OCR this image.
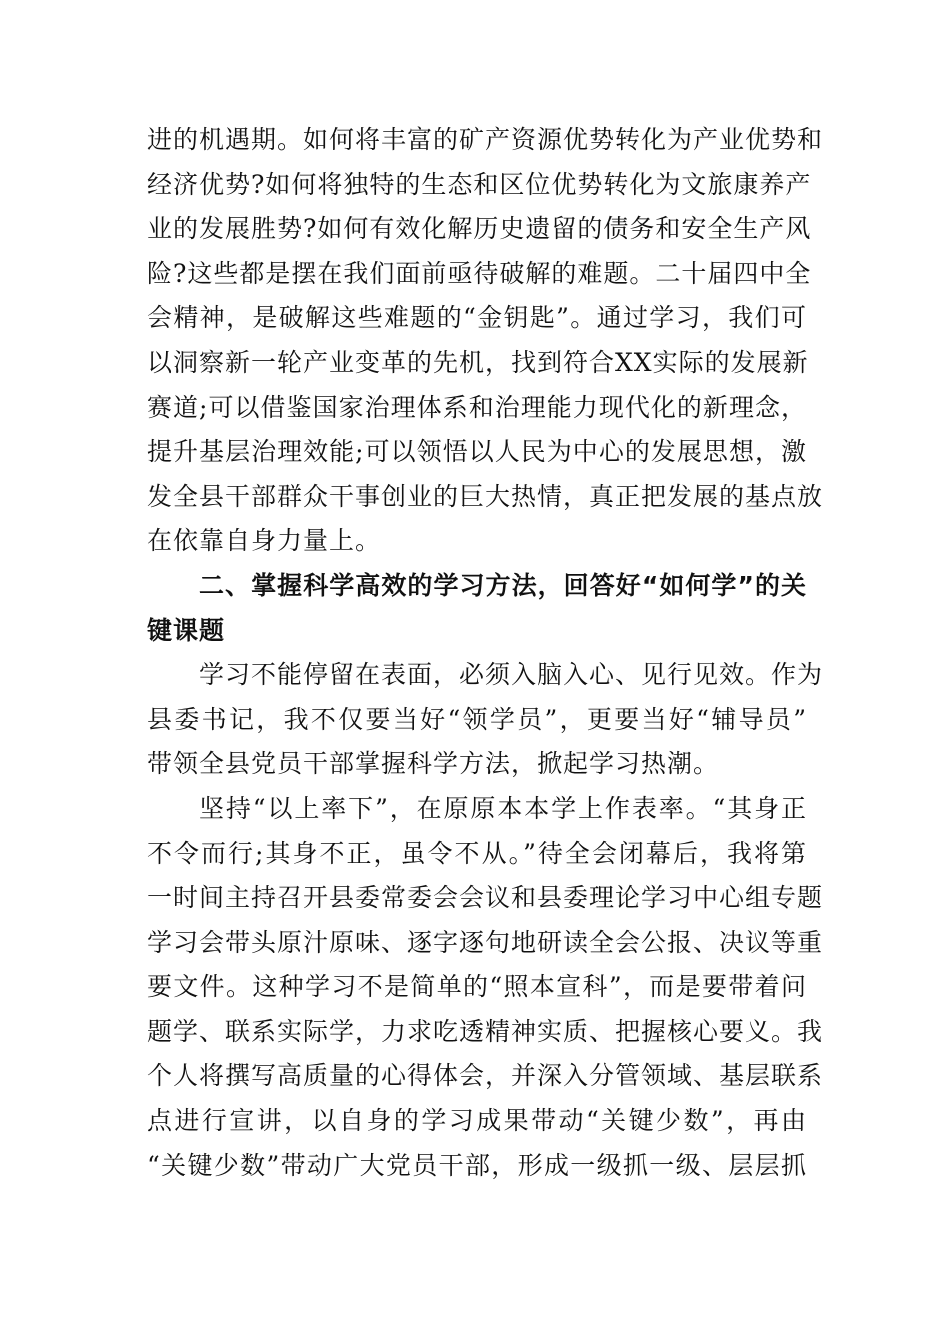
进的机遇期。如何将丰富的矿产资源优势转化为产业优势和
经济优势?如何将独特的生态和区位优势转化为文旅康养产
业的发展胜势?如何有效化解历史遗留的债务和安全生产风
险?这些都是摆在我们面前亟待破解的难题。二十届四中全
会精神，是破解这些难题的“金钥匙”。通过学习，我们可
以洞察新一轮产业变革的先机，找到符合XX实际的发展新
赛道;可以借鉴国家治理体系和治理能力现代化的新理念，
提升基层治理效能;可以领悟以人民为中心的发展思想，激
发全县干部群众干事创业的巨大热情，真正把发展的基点放
在依靠自身力量上。
二、掌握科学高效的学习方法，回答好“如何学”的关
键课题
学习不能停留在表面，必须入脑入心、见行见效。作为
县委书记，我不仅要当好“领学员”，更要当好“辅导员”
带领全县党员干部掌握科学方法，掀起学习热潮。
坚持“以上率下”，在原原本本学上作表率。“其身正
不令而行;其身不正，虽令不从。”待全会闭幕后，我将第
一时间主持召开县委常委会会议和县委理论学习中心组专题
学习会带头原汁原味、逐字逐句地研读全会公报、决议等重
要文件。这种学习不是简单的“照本宣科”，而是要带着问
题学、联系实际学，力求吃透精神实质、把握核心要义。我
个人将撰写高质量的心得体会，并深入分管领域、基层联系
点进行宣讲，以自身的学习成果带动“关键少数”，再由
“关键少数”带动广大党员干部，形成一级抓一级、层层抓
